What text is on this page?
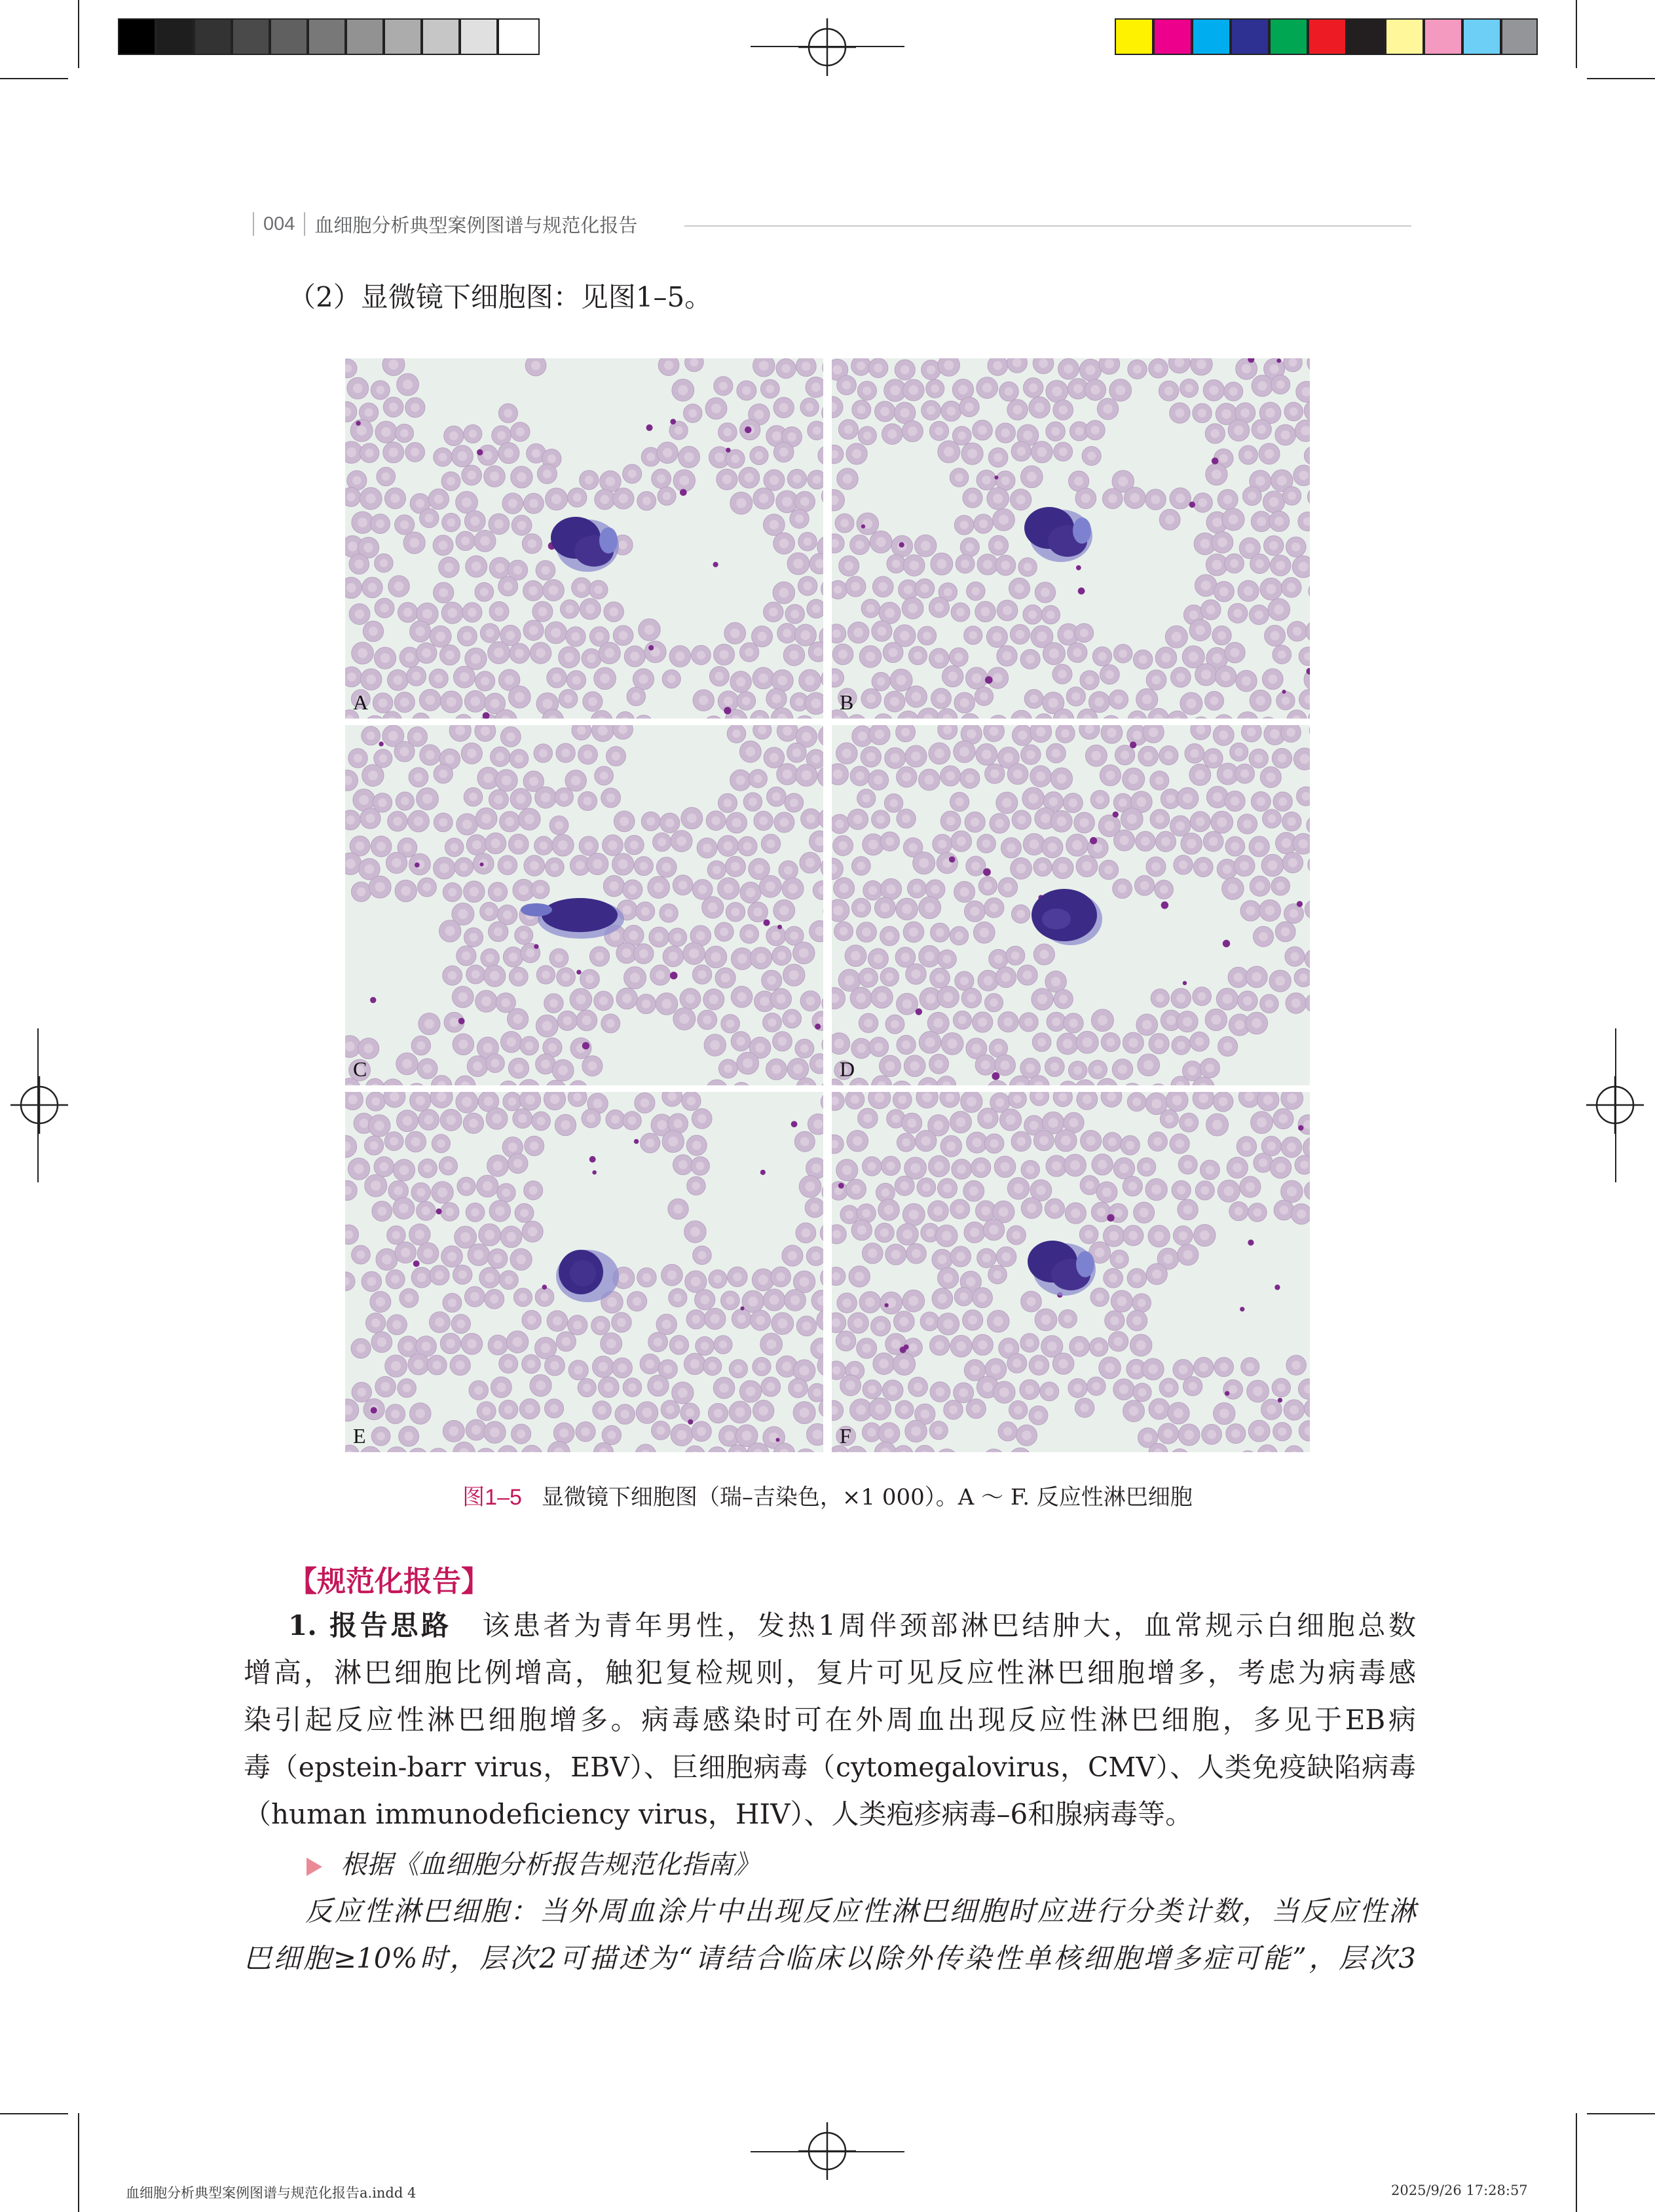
004 血细胞分析典型案例图谱与规范化报告
（2）显微镜下细胞图：见图1–5。
A	B
C	D
E	F
图1–5 显微镜下细胞图（瑞–吉染色，×1 000）。A ～ F. 反应性淋巴细胞
【规范化报告】
1. 报告思路　 该患者为青年男性，发热1周伴颈部淋巴结肿大，血常规示白细胞总数
增高，淋巴细胞比例增高，触犯复检规则，复片可见反应性淋巴细胞增多，考虑为病毒感
染引起反应性淋巴细胞增多。病毒感染时可在外周血出现反应性淋巴细胞，多见于EB病
毒（epstein-barr virus，EBV）、巨细胞病毒（cytomegalovirus，CMV）、人类免疫缺陷病毒
（human immunodeficiency virus，HIV）、人类疱疹病毒–6和腺病毒等。
根据《血细胞分析报告规范化指南》
反应性淋巴细胞：当外周血涂片中出现反应性淋巴细胞时应进行分类计数，当反应性淋
巴细胞≥10%时，层次2可描述为“请结合临床以除外传染性单核细胞增多症可能”，层次3
血细胞分析典型案例图谱与规范化报告a.indd 4	2025/9/26 17:28:57
